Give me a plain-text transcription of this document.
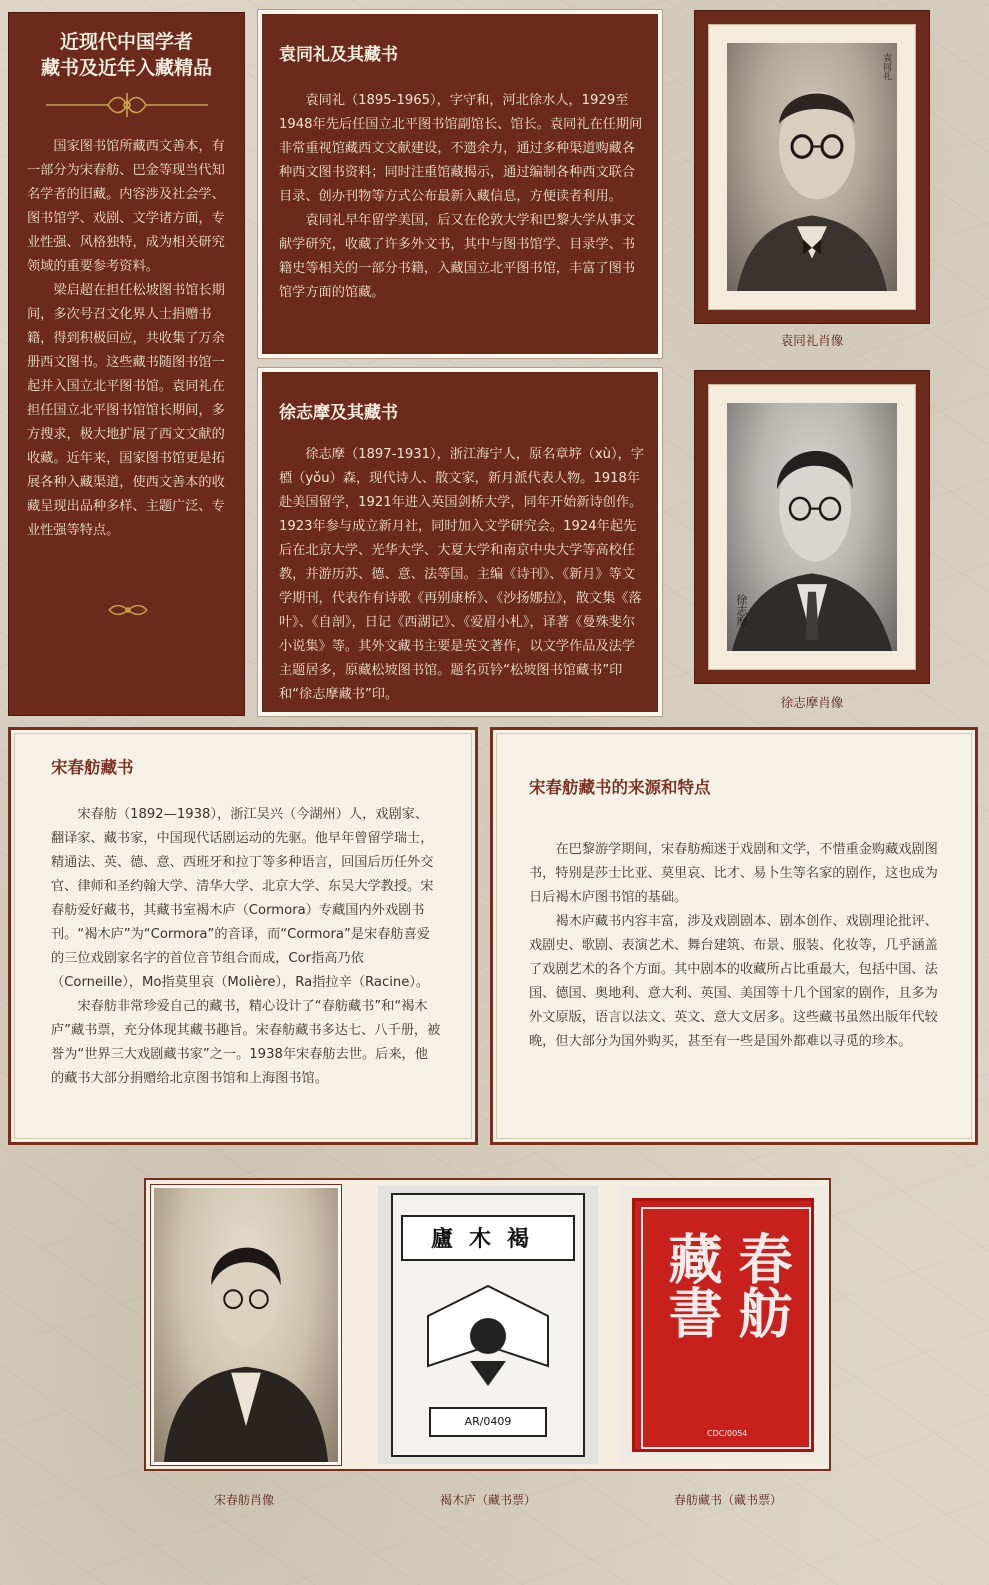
近现代中国学者
藏书及近年入藏精品

国家图书馆所藏西文善本，有一部分为宋春舫、巴金等现当代知名学者的旧藏。内容涉及社会学、图书馆学、戏剧、文学诸方面，专业性强、风格独特，成为相关研究领域的重要参考资料。

梁启超在担任松坡图书馆长期间，多次号召文化界人士捐赠书籍，得到积极回应，共收集了万余册西文图书。这些藏书随图书馆一起并入国立北平图书馆。袁同礼在担任国立北平图书馆馆长期间，多方搜求，极大地扩展了西文文献的收藏。近年来，国家图书馆更是拓展各种入藏渠道，使西文善本的收藏呈现出品种多样、主题广泛、专业性强等特点。

袁同礼及其藏书

袁同礼（1895-1965），字守和，河北徐水人，1929至1948年先后任国立北平图书馆副馆长、馆长。袁同礼在任期间非常重视馆藏西文文献建设，不遗余力，通过多种渠道购藏各种西文图书资料；同时注重馆藏揭示，通过编制各种西文联合目录、创办刊物等方式公布最新入藏信息，方便读者利用。

袁同礼早年留学美国，后又在伦敦大学和巴黎大学从事文献学研究，收藏了许多外文书，其中与图书馆学、目录学、书籍史等相关的一部分书籍，入藏国立北平图书馆，丰富了图书馆学方面的馆藏。

徐志摩及其藏书

徐志摩（1897-1931），浙江海宁人，原名章垿（xù），字槱（yǒu）森，现代诗人、散文家，新月派代表人物。1918年赴美国留学，1921年进入英国剑桥大学，同年开始新诗创作。1923年参与成立新月社，同时加入文学研究会。1924年起先后在北京大学、光华大学、大夏大学和南京中央大学等高校任教，并游历苏、德、意、法等国。主编《诗刊》、《新月》等文学期刊，代表作有诗歌《再别康桥》、《沙扬娜拉》，散文集《落叶》、《自剖》，日记《西湖记》、《爱眉小札》，译著《曼殊斐尔小说集》等。其外文藏书主要是英文著作，以文学作品及法学主题居多，原藏松坡图书馆。题名页钤“松坡图书馆藏书”印和“徐志摩藏书”印。

袁同礼
袁同礼肖像
徐志摩
徐志摩肖像
宋春舫藏书

宋春舫（1892—1938），浙江吴兴（今湖州）人，戏剧家、翻译家、藏书家，中国现代话剧运动的先驱。他早年曾留学瑞士，精通法、英、德、意、西班牙和拉丁等多种语言，回国后历任外交官、律师和圣约翰大学、清华大学、北京大学、东吴大学教授。宋春舫爱好藏书，其藏书室褐木庐（Cormora）专藏国内外戏剧书刊。“褐木庐”为“Cormora”的音译，而“Cormora”是宋春舫喜爱的三位戏剧家名字的首位音节组合而成，Cor指高乃依（Corneille），Mo指莫里哀（Molière），Ra指拉辛（Racine）。

宋春舫非常珍爱自己的藏书，精心设计了“春舫藏书”和“褐木庐”藏书票，充分体现其藏书趣旨。宋春舫藏书多达七、八千册，被誉为“世界三大戏剧藏书家”之一。1938年宋春舫去世。后来，他的藏书大部分捐赠给北京图书馆和上海图书馆。

宋春舫藏书的来源和特点

在巴黎游学期间，宋春舫痴迷于戏剧和文学，不惜重金购藏戏剧图书，特别是莎士比亚、莫里哀、比才、易卜生等名家的剧作，这也成为日后褐木庐图书馆的基础。

褐木庐藏书内容丰富，涉及戏剧剧本、剧本创作、戏剧理论批评、戏剧史、歌剧、表演艺术、舞台建筑、布景、服装、化妆等，几乎涵盖了戏剧艺术的各个方面。其中剧本的收藏所占比重最大，包括中国、法国、德国、奥地利、意大利、英国、美国等十几个国家的剧作，且多为外文原版，语言以法文、英文、意大文居多。这些藏书虽然出版年代较晚，但大部分为国外购买，甚至有一些是国外都难以寻觅的珍本。

廬木褐
AR/0409
春舫
藏書
CDC/0054
宋春舫肖像	褐木庐（藏书票）	春舫藏书（藏书票）
